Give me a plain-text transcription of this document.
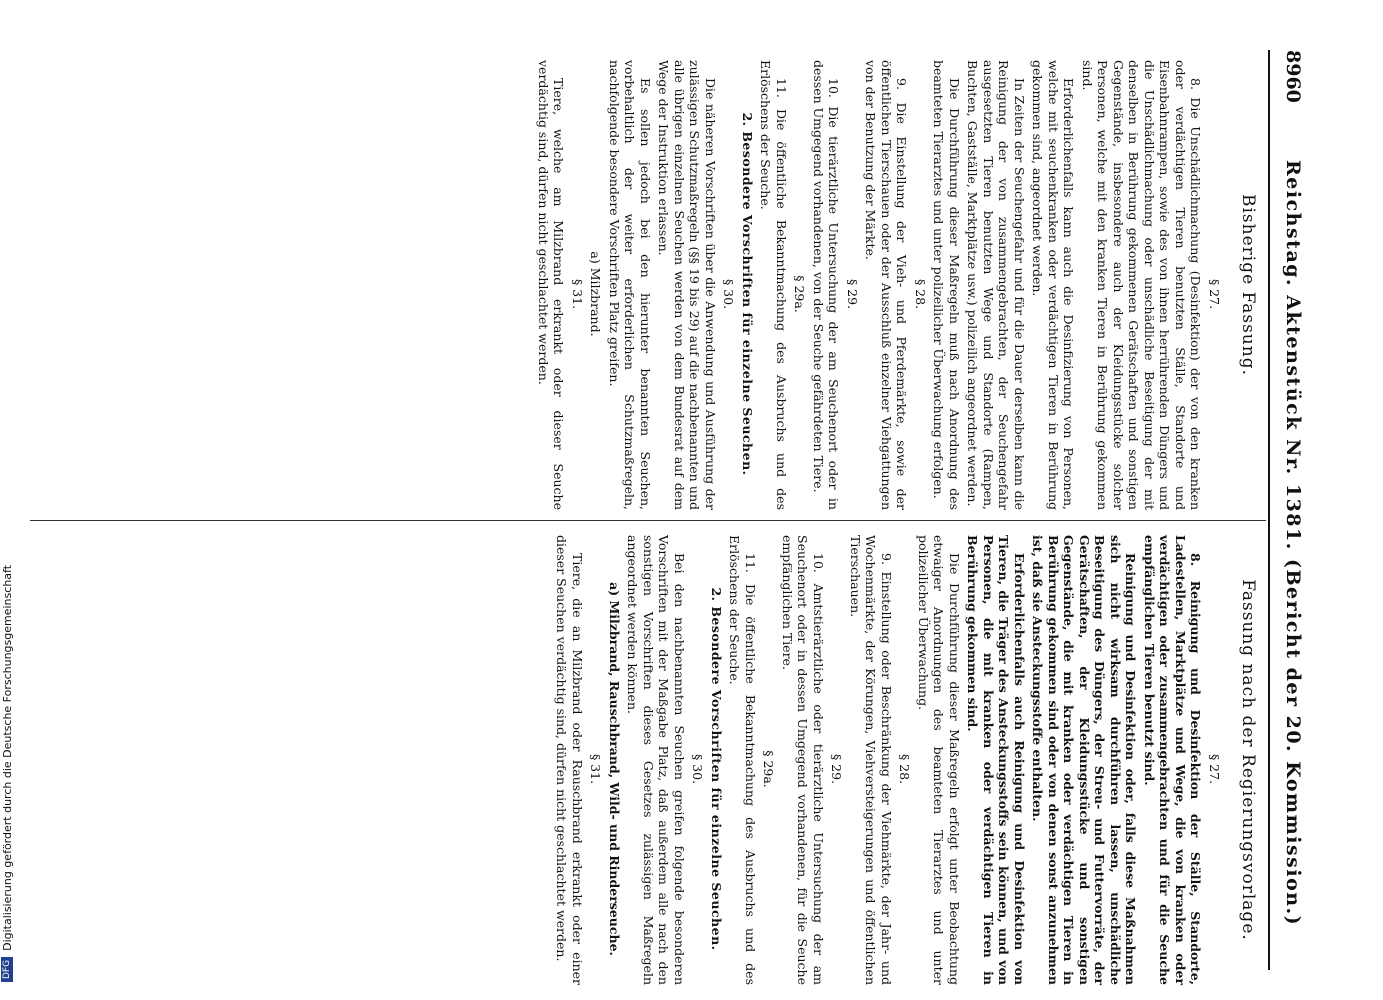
8960
Reichstag. Aktenstück Nr. 1381. (Bericht der 20. Kommission.)
Bisherige Fassung.
Fassung nach der Regierungsvorlage.

§ 27.

8. Die Unschädlichmachung (Desinfektion) der von den kranken oder verdächtigen Tieren benutzten Ställe, Standorte und Eisenbahnrampen, sowie des von ihnen herrührenden Düngers und die Unschädlichmachung oder unschädliche Beseitigung der mit denselben in Berührung gekommenen Gerätschaften und sonstigen Gegenstände, insbesondere auch der Kleidungsstücke solcher Personen, welche mit den kranken Tieren in Berührung gekommen sind.

Erforderlichenfalls kann auch die Desinfizierung von Personen, welche mit seuchenkranken oder verdächtigen Tieren in Berührung gekommen sind, angeordnet werden.

In Zeiten der Seuchengefahr und für die Dauer derselben kann die Reinigung der von zusammengebrachten, der Seuchengefahr ausgesetzten Tieren benutzten Wege und Standorte (Rampen, Buchten, Gastställe, Marktplätze usw.) polizeilich angeordnet werden.

Die Durchführung dieser Maßregeln muß nach Anordnung des beamteten Tierarztes und unter polizeilicher Überwachung erfolgen.

§ 28.

9. Die Einstellung der Vieh- und Pferdemärkte, sowie der öffentlichen Tierschauen oder der Ausschluß einzelner Viehgattungen von der Benutzung der Märkte.

§ 29.

10. Die tierärztliche Untersuchung der am Seuchenort oder in dessen Umgegend vorhandenen, von der Seuche gefährdeten Tiere.

§ 29a.

11. Die öffentliche Bekanntmachung des Ausbruchs und des Erlöschens der Seuche.

2. Besondere Vorschriften für einzelne Seuchen.

§ 30.

Die näheren Vorschriften über die Anwendung und Ausführung der zulässigen Schutzmaßregeln (§§ 19 bis 29) auf die nachbenannten und alle übrigen einzelnen Seuchen werden von dem Bundesrat auf dem Wege der Instruktion erlassen.

Es sollen jedoch bei den hierunter benannten Seuchen, vorbehaltlich der weiter erforderlichen Schutzmaßregeln, nachfolgende besondere Vorschriften Platz greifen.

a) Milzbrand.

§ 31.

Tiere, welche am Milzbrand erkrankt oder dieser Seuche verdächtig sind, dürfen nicht geschlachtet werden.

§ 27.

8. Reinigung und Desinfektion der Ställe, Standorte, Ladestellen, Marktplätze und Wege, die von kranken oder verdächtigen oder zusammengebrachten und für die Seuche empfänglichen Tieren benutzt sind.

Reinigung und Desinfektion oder, falls diese Maßnahmen sich nicht wirksam durchführen lassen, unschädliche Beseitigung des Düngers, der Streu- und Futtervorräte, der Gerätschaften, der Kleidungsstücke und sonstigen Gegenstände, die mit kranken oder verdächtigen Tieren in Berührung gekommen sind oder von denen sonst anzunehmen ist, daß sie Ansteckungsstoffe enthalten.

Erforderlichenfalls auch Reinigung und Desinfektion von Tieren, die Träger des Ansteckungsstoffs sein können, und von Personen, die mit kranken oder verdächtigen Tieren in Berührung gekommen sind.

Die Durchführung dieser Maßregeln erfolgt unter Beobachtung etwaiger Anordnungen des beamteten Tierarztes und unter polizeilicher Überwachung.

§ 28.

9. Einstellung oder Beschränkung der Viehmärkte, der Jahr- und Wochenmärkte, der Körungen, Viehversteigerungen und öffentlichen Tierschauen.

§ 29.

10. Amtstierärztliche oder tierärztliche Untersuchung der am Seuchenort oder in dessen Umgegend vorhandenen, für die Seuche empfänglichen Tiere.

§ 29a.

11. Die öffentliche Bekanntmachung des Ausbruchs und des Erlöschens der Seuche.

2. Besondere Vorschriften für einzelne Seuchen.

§ 30.

Bei den nachbenannten Seuchen greifen folgende besonderen Vorschriften mit der Maßgabe Platz, daß außerdem alle nach den sonstigen Vorschriften dieses Gesetzes zulässigen Maßregeln angeordnet werden können.

a) Milzbrand, Rauschbrand, Wild- und Rinderseuche.

§ 31.

Tiere, die an Milzbrand oder Rauschbrand erkrankt oder einer dieser Seuchen verdächtig sind, dürfen nicht geschlachtet werden.

DFGDigitalisierung gefördert durch die Deutsche Forschungsgemeinschaft
